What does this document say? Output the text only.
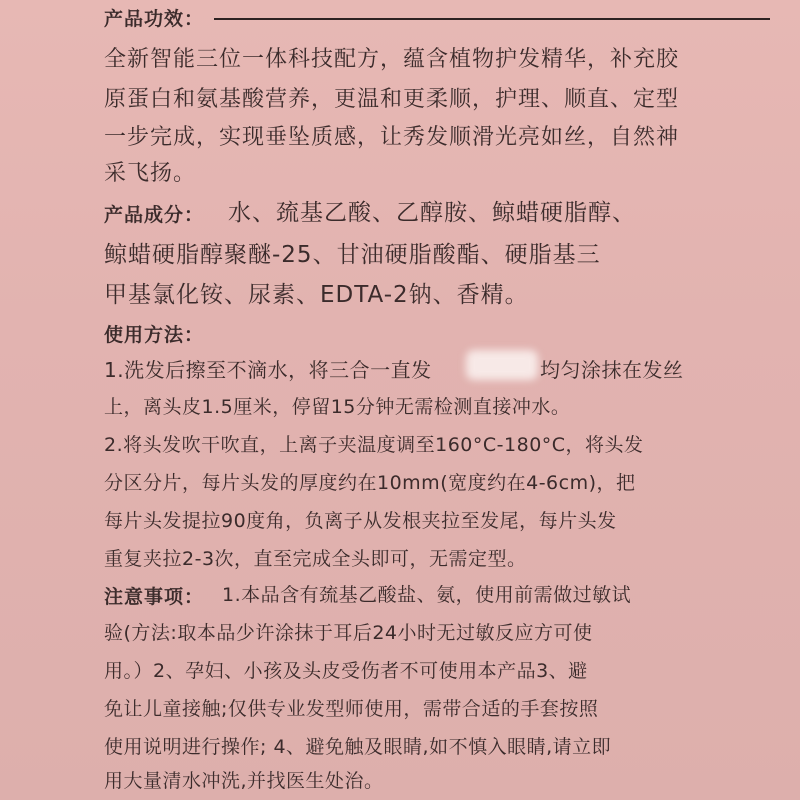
产品功效：

全新智能三位一体科技配方，蕴含植物护发精华，补充胶

原蛋白和氨基酸营养，更温和更柔顺，护理、顺直、定型

一步完成，实现垂坠质感，让秀发顺滑光亮如丝，自然神

采飞扬。

产品成分： 水、巯基乙酸、乙醇胺、鲸蜡硬脂醇、

鲸蜡硬脂醇聚醚-25、甘油硬脂酸酯、硬脂基三

甲基氯化铵、尿素、EDTA-2钠、香精。

使用方法：

1.洗发后擦至不滴水，将三合一直发	均匀涂抹在发丝

上，离头皮1.5厘米，停留15分钟无需检测直接冲水。

2.将头发吹干吹直，上离子夹温度调至160°C-180°C，将头发

分区分片，每片头发的厚度约在10mm(宽度约在4-6cm)，把

每片头发提拉90度角，负离子从发根夹拉至发尾，每片头发

重复夹拉2-3次，直至完成全头即可，无需定型。

注意事项： 1.本品含有巯基乙酸盐、氨，使用前需做过敏试

验(方法:取本品少许涂抹于耳后24小时无过敏反应方可使

用。）2、孕妇、小孩及头皮受伤者不可使用本产品3、避

免让儿童接触;仅供专业发型师使用，需带合适的手套按照

使用说明进行操作; 4、避免触及眼睛,如不慎入眼睛,请立即

用大量清水冲洗,并找医生处治。
